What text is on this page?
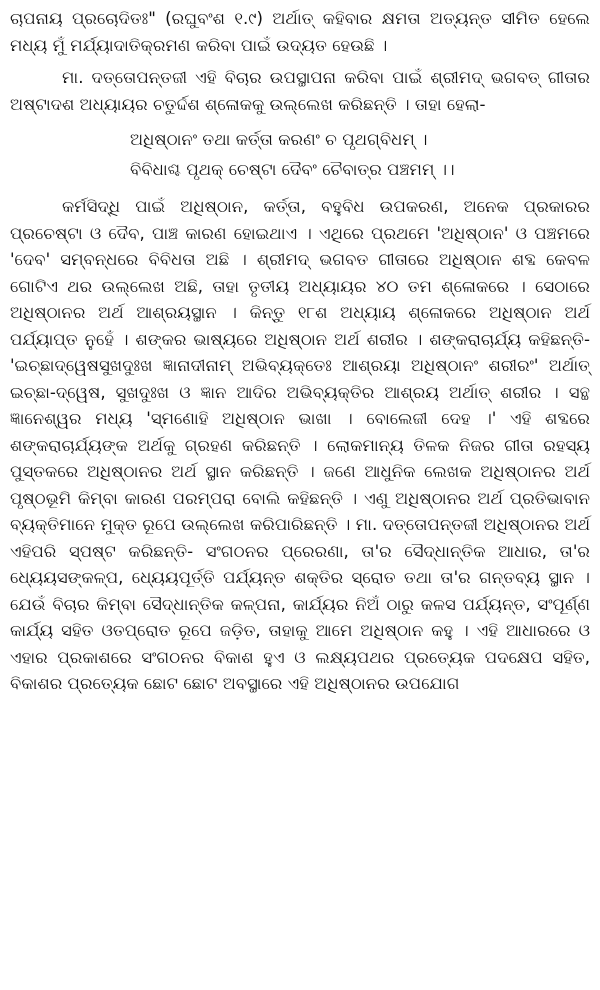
ଚାପନାୟ ପ୍ରଚୋଦିତଃ" (ରଘୁବଂଶ ୧.୯) ଅର୍ଥାତ୍ କହିବାର କ୍ଷମତା ଅତ୍ୟନ୍ତ ସୀମିତ ହେଲେ ମଧ୍ୟ ମୁଁ ମର୍ଯ୍ୟାଦାତିକ୍ରମଣ କରିବା ପାଇଁ ଉଦ୍ୟତ ହେଉଛି ।

ମା. ଦତ୍ତୋପନ୍ତଜୀ ଏହି ବିଚାର ଉପସ୍ଥାପନା କରିବା ପାଇଁ ଶ୍ରୀମଦ୍ ଭଗବତ୍ ଗୀତାର ଅଷ୍ଟାଦଶ ଅଧ୍ୟାୟର ଚତୁର୍ଦ୍ଦଶ ଶ୍ଳୋକକୁ ଉଲ୍ଲେଖ କରିଛନ୍ତି । ତାହା ହେଲା-

ଅଧିଷ୍ଠାନଂ ତଥା କର୍ତ୍ତା କରଣଂ ଚ ପୃଥଗ୍‌ବିଧମ୍ ।
ବିବିଧାଶ୍ଚ ପୃଥକ୍ ଚେଷ୍ଟା ଦୈବଂ ଚୈବାତ୍ର ପଞ୍ଚମମ୍ ।।

କର୍ମସିଦ୍ଧି ପାଇଁ ଅଧିଷ୍ଠାନ, କର୍ତ୍ତା, ବହୁବିଧ ଉପକରଣ, ଅନେକ ପ୍ରକାରର ପ୍ରଚେଷ୍ଟା ଓ ଦୈବ, ପାଞ୍ଚ କାରଣ ହୋଇଥାଏ । ଏଥିରେ ପ୍ରଥମେ 'ଅଧିଷ୍ଠାନ' ଓ ପଞ୍ଚମରେ 'ଦେବ' ସମ୍ବନ୍ଧରେ ବିବିଧତା ଅଛି । ଶ୍ରୀମଦ୍ ଭଗବତ ଗୀତାରେ ଅଧିଷ୍ଠାନ ଶବ୍ଦ କେବଳ ଗୋଟିଏ ଥର ଉଲ୍ଲେଖ ଅଛି, ତାହା ତୃତୀୟ ଅଧ୍ୟାୟର ୪୦ ତମ ଶ୍ଳୋକରେ । ସେଠାରେ ଅଧିଷ୍ଠାନର ଅର୍ଥ ଆଶ୍ରୟସ୍ଥାନ । କିନ୍ତୁ ୧୮ଶ ଅଧ୍ୟାୟ ଶ୍ଳୋକରେ ଅଧିଷ୍ଠାନ ଅର୍ଥ ପର୍ଯ୍ୟାପ୍ତ ନୁହେଁ । ଶଙ୍କର ଭାଷ୍ୟରେ ଅଧିଷ୍ଠାନ ଅର୍ଥ ଶରୀର । ଶଙ୍କରାଚାର୍ଯ୍ୟ କହିଛନ୍ତି- 'ଇଚ୍ଛାଦ୍ୱେଷସୁଖଦୁଃଖ ଜ୍ଞାନାଦୀନାମ୍ ଅଭିବ୍ୟକ୍ତେଃ ଆଶ୍ରୟା ଅଧିଷ୍ଠାନଂ ଶରୀରଂ' ଅର୍ଥାତ୍ ଇଚ୍ଛା-ଦ୍ୱେଷ, ସୁଖଦୁଃଖ ଓ ଜ୍ଞାନ ଆଦିର ଅଭିବ୍ୟକ୍ତିର ଆଶ୍ରୟ ଅର୍ଥାତ୍ ଶରୀର । ସନ୍ଥ ଜ୍ଞାନେଶ୍ୱର ମଧ୍ୟ 'ସ୍ମଣୋହି ଅଧିଷ୍ଠାନ ଭାଖା । ବୋଲେଜୀ ଦେହ ।' ଏହି ଶବ୍ଦରେ ଶଙ୍କରାଚାର୍ଯ୍ୟଙ୍କ ଅର୍ଥକୁ ଗ୍ରହଣ କରିଛନ୍ତି । ଲୋକମାନ୍ୟ ତିଳକ ନିଜର ଗୀତା ରହସ୍ୟ ପୁସ୍ତକରେ ଅଧିଷ୍ଠାନର ଅର୍ଥ ସ୍ଥାନ କରିଛନ୍ତି । ଜଣେ ଆଧୁନିକ ଲେଖକ ଅଧିଷ୍ଠାନର ଅର୍ଥ ପୃଷ୍ଠଭୂମି କିମ୍ବା କାରଣ ପରମ୍ପରା ବୋଲି କହିଛନ୍ତି । ଏଣୁ ଅଧିଷ୍ଠାନର ଅର୍ଥ ପ୍ରତିଭାବାନ ବ୍ୟକ୍ତିମାନେ ମୁକ୍ତ ରୂପେ ଉଲ୍ଲେଖ କରିପାରିଛନ୍ତି । ମା. ଦତ୍ତୋପନ୍ତଜୀ ଅଧିଷ୍ଠାନର ଅର୍ଥ ଏହିପରି ସ୍ପଷ୍ଟ କରିଛନ୍ତି- ସଂଗଠନର ପ୍ରେରଣା, ତା'ର ସୈଦ୍ଧାନ୍ତିକ ଆଧାର, ତା'ର ଧ୍ୟେୟସଙ୍କଳ୍ପ, ଧ୍ୟେୟପୂର୍ତ୍ତି ପର୍ଯ୍ୟନ୍ତ ଶକ୍ତିର ସ୍ରୋତ ତଥା ତା'ର ଗନ୍ତବ୍ୟ ସ୍ଥାନ । ଯେଉଁ ବିଚାର କିମ୍ବା ସୈଦ୍ଧାନ୍ତିକ କଳ୍ପନା, କାର୍ଯ୍ୟର ନିଅଁ ଠାରୁ କଳସ ପର୍ଯ୍ୟନ୍ତ, ସଂପୂର୍ଣ୍ଣ କାର୍ଯ୍ୟ ସହିତ ଓତପ୍ରୋତ ରୂପେ ଜଡ଼ିତ, ତାହାକୁ ଆମେ ଅଧିଷ୍ଠାନ କହୁ । ଏହି ଆଧାରରେ ଓ ଏହାର ପ୍ରକାଶରେ ସଂଗଠନର ବିକାଶ ହୁଏ ଓ ଲକ୍ଷ୍ୟପଥର ପ୍ରତ୍ୟେକ ପଦକ୍ଷେପ ସହିତ, ବିକାଶର ପ୍ରତ୍ୟେକ ଛୋଟ ଛୋଟ ଅବସ୍ଥାରେ ଏହି ଅଧିଷ୍ଠାନର ଉପଯୋଗ
